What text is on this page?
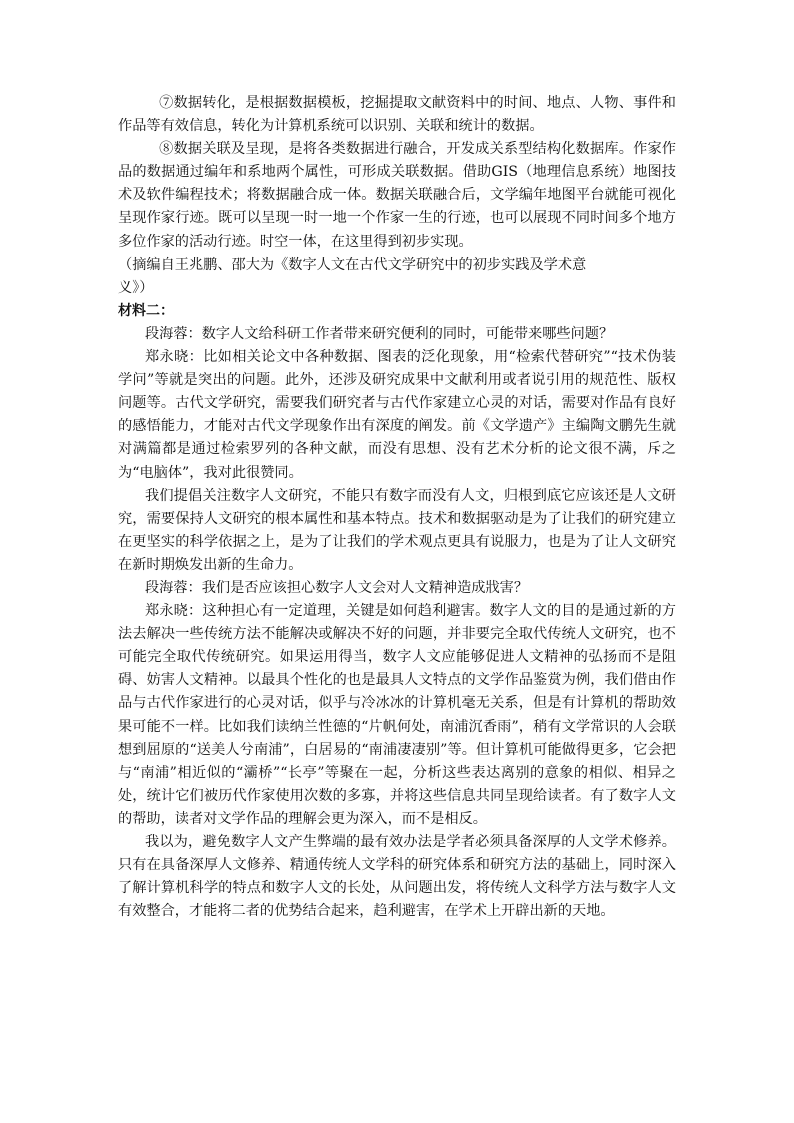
⑦数据转化，是根据数据模板，挖掘提取文献资料中的时间、地点、人物、事件和作品等有效信息，转化为计算机系统可以识别、关联和统计的数据。

⑧数据关联及呈现，是将各类数据进行融合，开发成关系型结构化数据库。作家作品的数据通过编年和系地两个属性，可形成关联数据。借助GIS（地理信息系统）地图技术及软件编程技术；将数据融合成一体。数据关联融合后，文学编年地图平台就能可视化呈现作家行迹。既可以呈现一时一地一个作家一生的行迹，也可以展现不同时间多个地方多位作家的活动行迹。时空一体，在这里得到初步实现。

（摘编自王兆鹏、邵大为《数字人文在古代文学研究中的初步实践及学术意

义》）

材料二：

段海蓉：数字人文给科研工作者带来研究便利的同时，可能带来哪些问题？

郑永晓：比如相关论文中各种数据、图表的泛化现象，用“检索代替研究”“技术伪装学问”等就是突出的问题。此外，还涉及研究成果中文献利用或者说引用的规范性、版权问题等。古代文学研究，需要我们研究者与古代作家建立心灵的对话，需要对作品有良好的感悟能力，才能对古代文学现象作出有深度的阐发。前《文学遗产》主编陶文鹏先生就对满篇都是通过检索罗列的各种文献，而没有思想、没有艺术分析的论文很不满，斥之为“电脑体”，我对此很赞同。

我们提倡关注数字人文研究，不能只有数字而没有人文，归根到底它应该还是人文研究，需要保持人文研究的根本属性和基本特点。技术和数据驱动是为了让我们的研究建立在更坚实的科学依据之上，是为了让我们的学术观点更具有说服力，也是为了让人文研究在新时期焕发出新的生命力。

段海蓉：我们是否应该担心数字人文会对人文精神造成戕害？

郑永晓：这种担心有一定道理，关键是如何趋利避害。数字人文的目的是通过新的方法去解决一些传统方法不能解决或解决不好的问题，并非要完全取代传统人文研究，也不可能完全取代传统研究。如果运用得当，数字人文应能够促进人文精神的弘扬而不是阻碍、妨害人文精神。以最具个性化的也是最具人文特点的文学作品鉴赏为例，我们借由作品与古代作家进行的心灵对话，似乎与冷冰冰的计算机毫无关系，但是有计算机的帮助效果可能不一样。比如我们读纳兰性德的“片帆何处，南浦沉香雨”，稍有文学常识的人会联想到屈原的“送美人兮南浦”，白居易的“南浦凄凄别”等。但计算机可能做得更多，它会把与“南浦”相近似的“灞桥”“长亭”等聚在一起，分析这些表达离别的意象的相似、相异之处，统计它们被历代作家使用次数的多寡，并将这些信息共同呈现给读者。有了数字人文的帮助，读者对文学作品的理解会更为深入，而不是相反。

我以为，避免数字人文产生弊端的最有效办法是学者必须具备深厚的人文学术修养。只有在具备深厚人文修养、精通传统人文学科的研究体系和研究方法的基础上，同时深入了解计算机科学的特点和数字人文的长处，从问题出发，将传统人文科学方法与数字人文有效整合，才能将二者的优势结合起来，趋利避害，在学术上开辟出新的天地。
